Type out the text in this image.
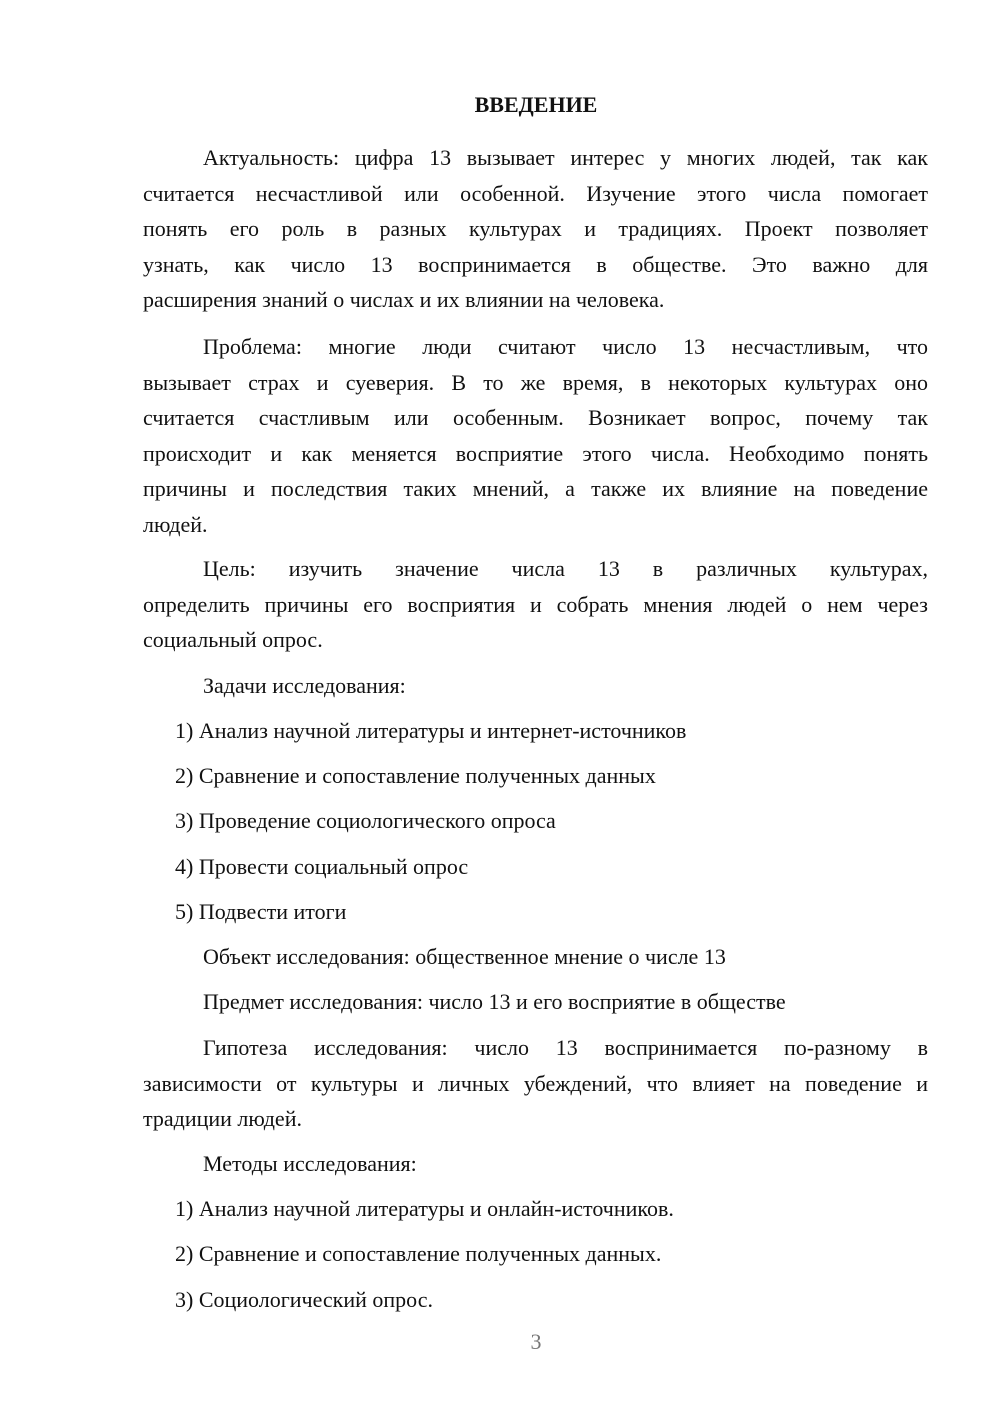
ВВЕДЕНИЕ
Актуальность: цифра 13 вызывает интерес у многих людей, так как
считается несчастливой или особенной. Изучение этого числа помогает
понять его роль в разных культурах и традициях. Проект позволяет
узнать, как число 13 воспринимается в обществе. Это важно для
расширения знаний о числах и их влиянии на человека.
Проблема: многие люди считают число 13 несчастливым, что
вызывает страх и суеверия. В то же время, в некоторых культурах оно
считается счастливым или особенным. Возникает вопрос, почему так
происходит и как меняется восприятие этого числа. Необходимо понять
причины и последствия таких мнений, а также их влияние на поведение
людей.
Цель: изучить значение числа 13 в различных культурах,
определить причины его восприятия и собрать мнения людей о нем через
социальный опрос.
Задачи исследования:
1) Анализ научной литературы и интернет-источников
2) Сравнение и сопоставление полученных данных
3) Проведение социологического опроса
4) Провести социальный опрос
5) Подвести итоги
Объект исследования: общественное мнение о числе 13
Предмет исследования: число 13 и его восприятие в обществе
Гипотеза исследования: число 13 воспринимается по-разному в
зависимости от культуры и личных убеждений, что влияет на поведение и
традиции людей.
Методы исследования:
1) Анализ научной литературы и онлайн-источников.
2) Сравнение и сопоставление полученных данных.
3) Социологический опрос.
3
